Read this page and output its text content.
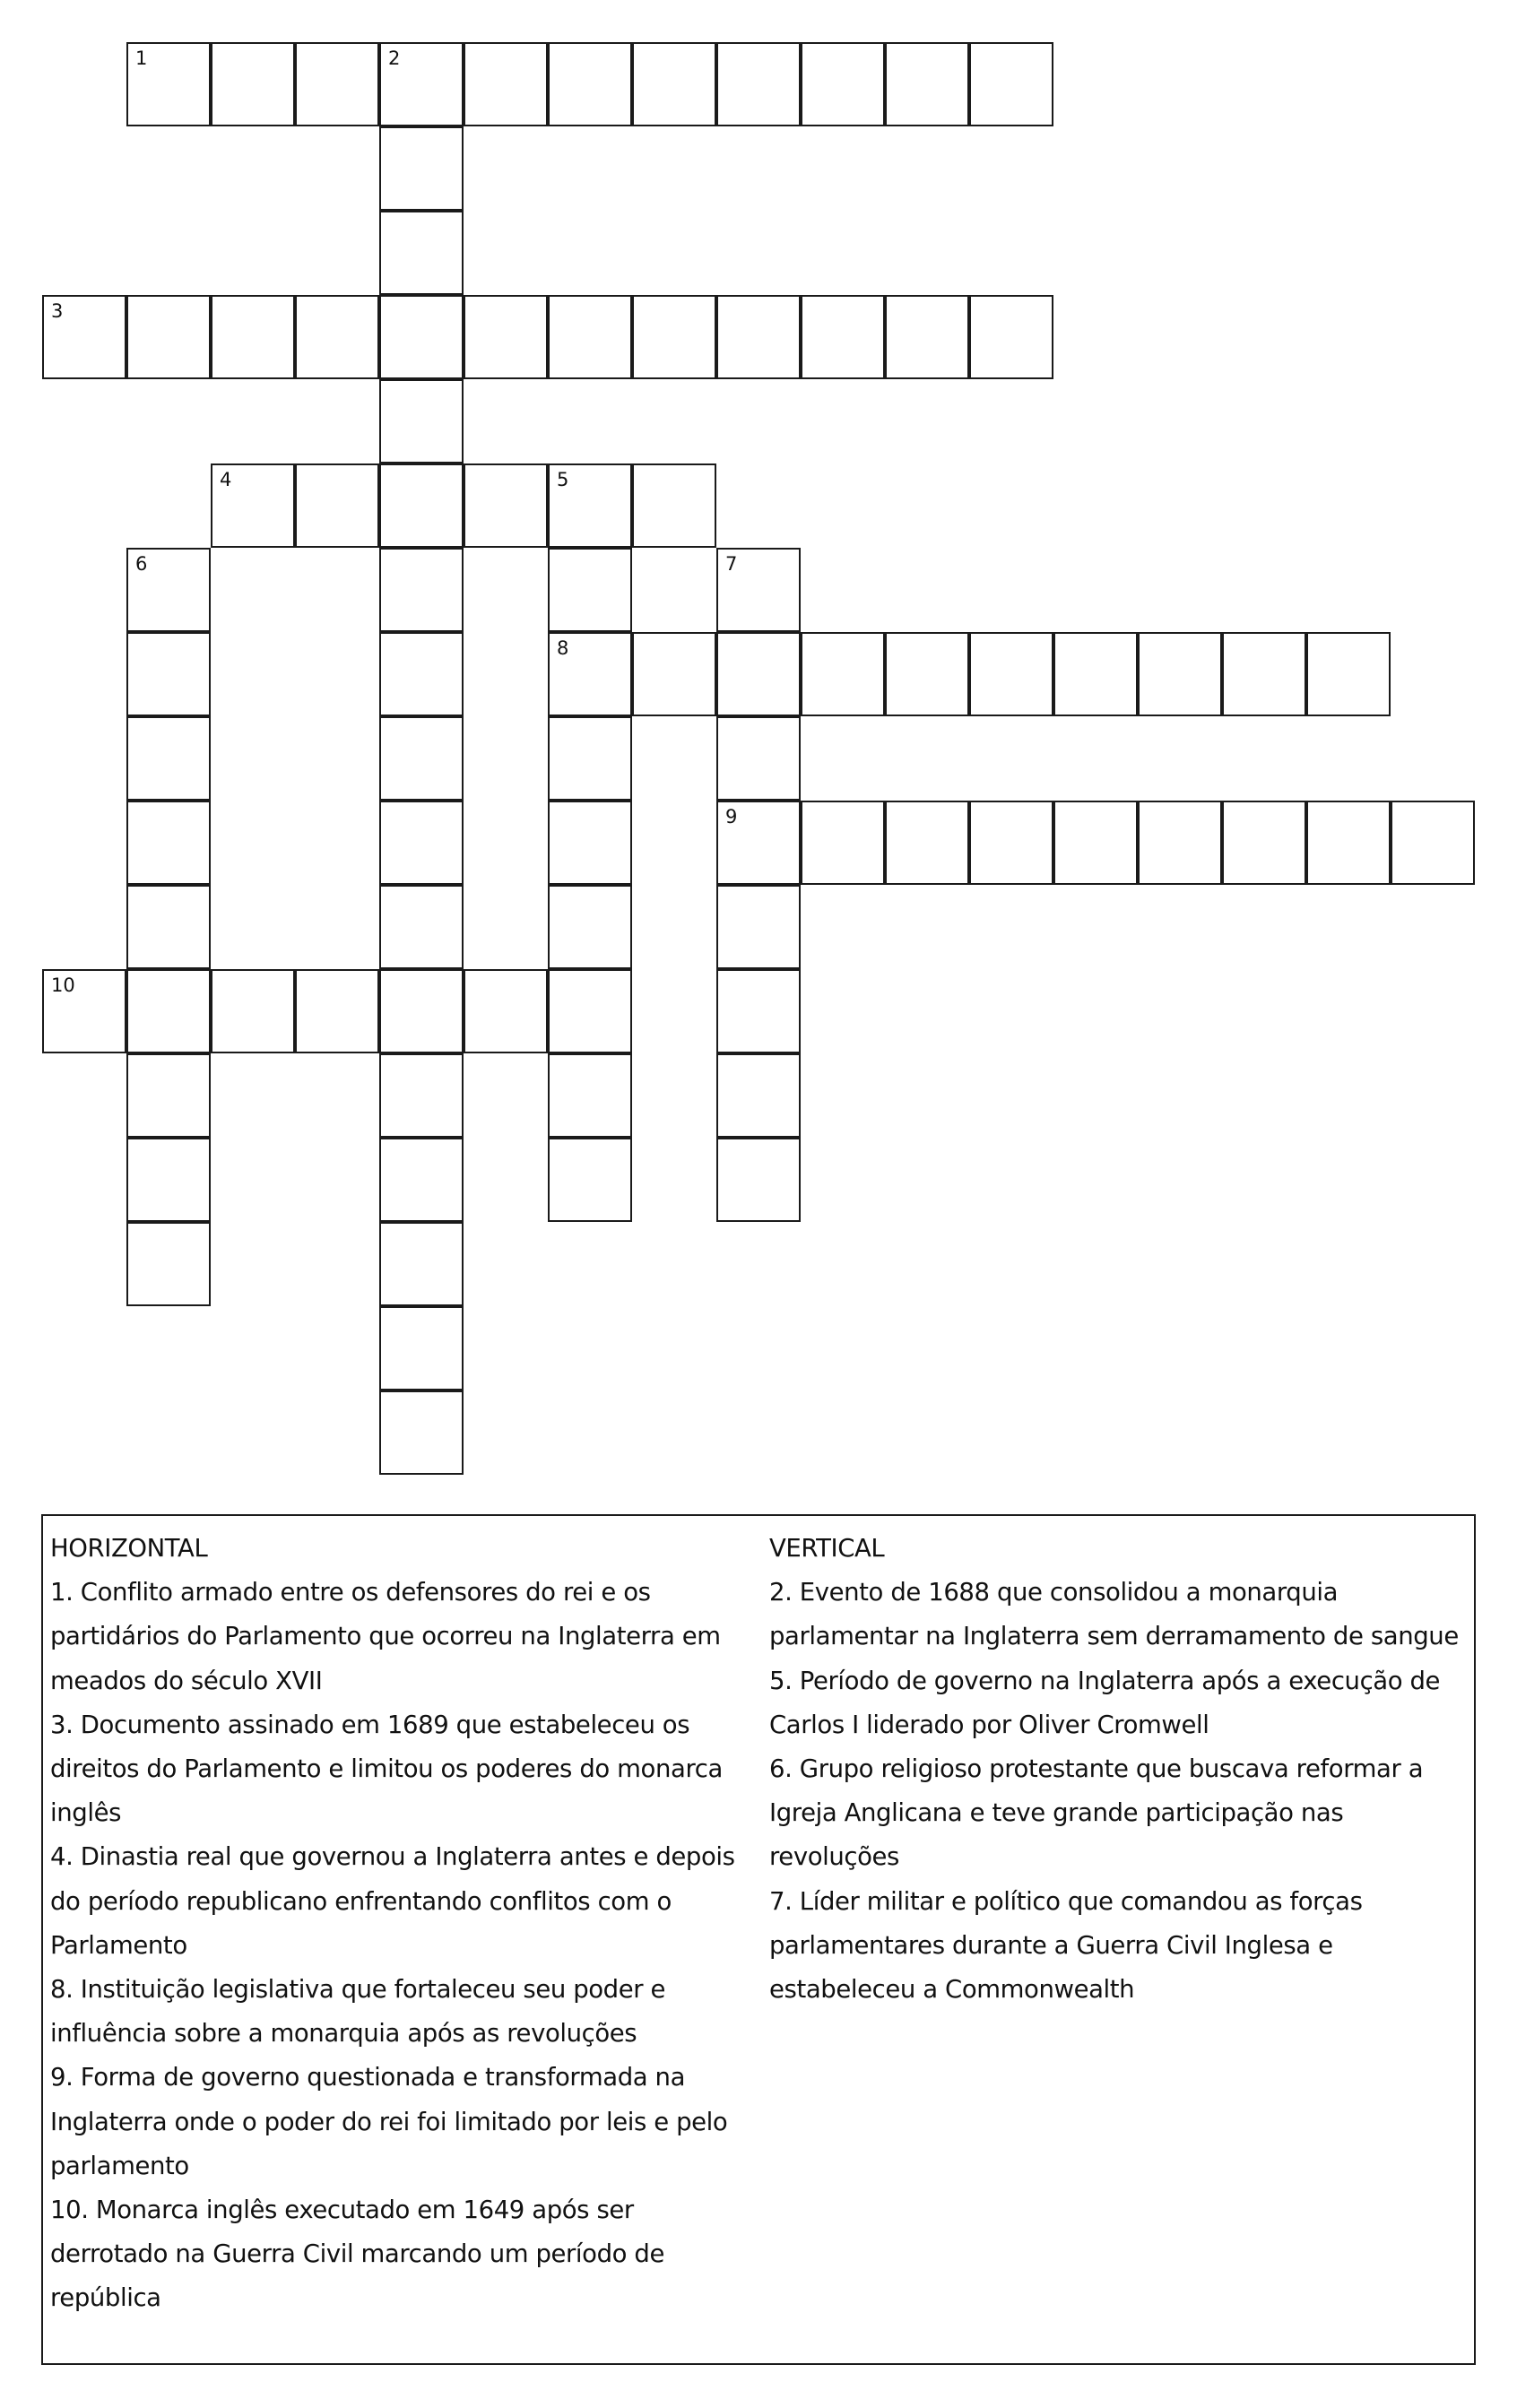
1	2
3
4	5
8
9
10
6	7
HORIZONTAL
1. Conflito armado entre os defensores do rei e os
partidários do Parlamento que ocorreu na Inglaterra em
meados do século XVII
3. Documento assinado em 1689 que estabeleceu os
direitos do Parlamento e limitou os poderes do monarca
inglês
4. Dinastia real que governou a Inglaterra antes e depois
do período republicano enfrentando conflitos com o
Parlamento
8. Instituição legislativa que fortaleceu seu poder e
influência sobre a monarquia após as revoluções
9. Forma de governo questionada e transformada na
Inglaterra onde o poder do rei foi limitado por leis e pelo
parlamento
10. Monarca inglês executado em 1649 após ser
derrotado na Guerra Civil marcando um período de
república
VERTICAL
2. Evento de 1688 que consolidou a monarquia
parlamentar na Inglaterra sem derramamento de sangue
5. Período de governo na Inglaterra após a execução de
Carlos I liderado por Oliver Cromwell
6. Grupo religioso protestante que buscava reformar a
Igreja Anglicana e teve grande participação nas
revoluções
7. Líder militar e político que comandou as forças
parlamentares durante a Guerra Civil Inglesa e
estabeleceu a Commonwealth
